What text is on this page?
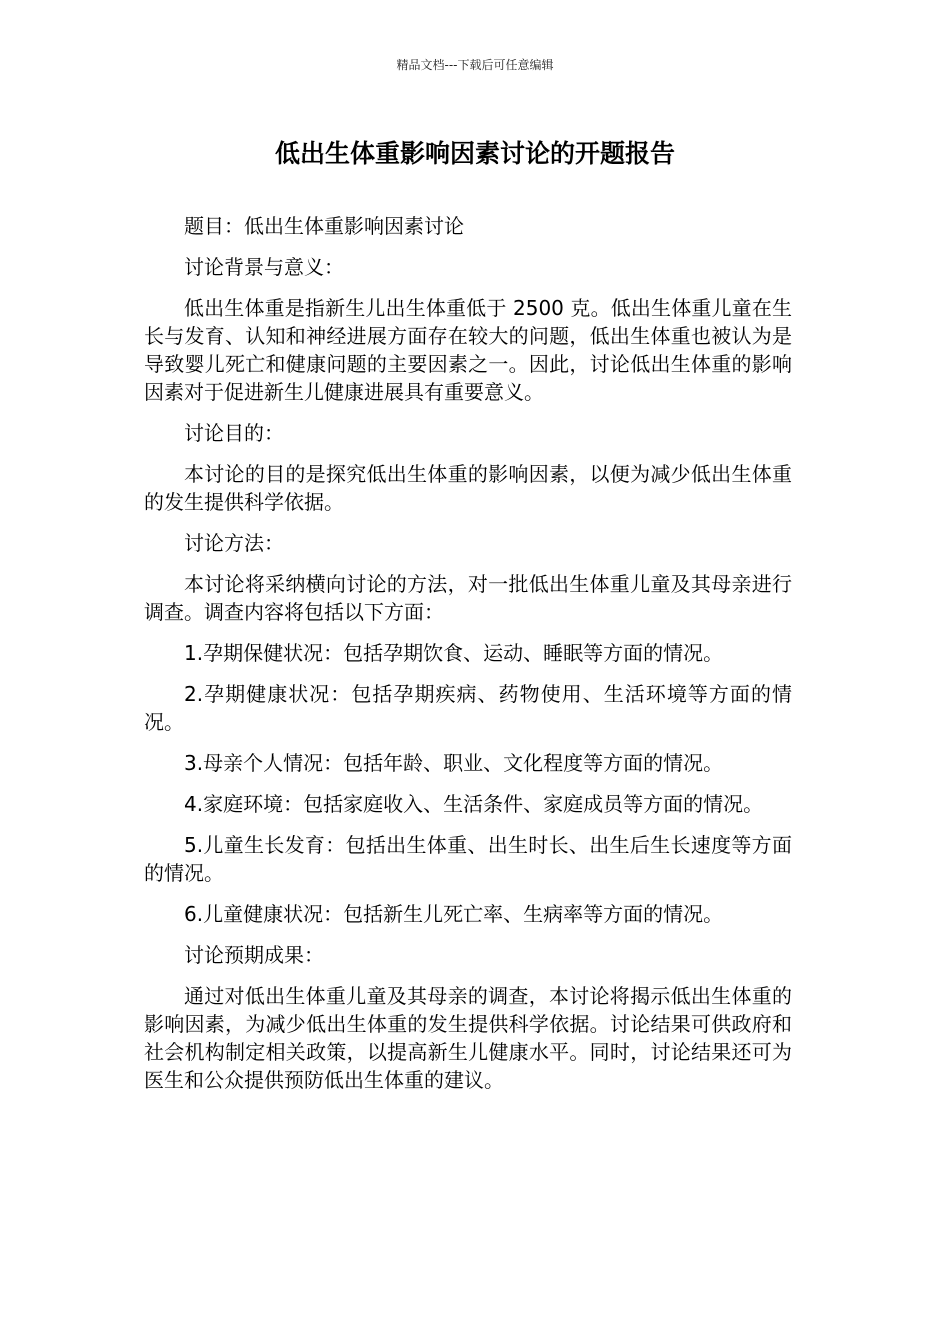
精品文档---下载后可任意编辑
低出生体重影响因素讨论的开题报告

题目：低出生体重影响因素讨论

讨论背景与意义：

低出生体重是指新生儿出生体重低于 2500 克。低出生体重儿童在生长与发育、认知和神经进展方面存在较大的问题，低出生体重也被认为是导致婴儿死亡和健康问题的主要因素之一。因此，讨论低出生体重的影响因素对于促进新生儿健康进展具有重要意义。

讨论目的：

本讨论的目的是探究低出生体重的影响因素，以便为减少低出生体重的发生提供科学依据。

讨论方法：

本讨论将采纳横向讨论的方法，对一批低出生体重儿童及其母亲进行调查。调查内容将包括以下方面：

1.孕期保健状况：包括孕期饮食、运动、睡眠等方面的情况。

2.孕期健康状况：包括孕期疾病、药物使用、生活环境等方面的情况。

3.母亲个人情况：包括年龄、职业、文化程度等方面的情况。

4.家庭环境：包括家庭收入、生活条件、家庭成员等方面的情况。

5.儿童生长发育：包括出生体重、出生时长、出生后生长速度等方面的情况。

6.儿童健康状况：包括新生儿死亡率、生病率等方面的情况。

讨论预期成果：

通过对低出生体重儿童及其母亲的调查，本讨论将揭示低出生体重的影响因素，为减少低出生体重的发生提供科学依据。讨论结果可供政府和社会机构制定相关政策，以提高新生儿健康水平。同时，讨论结果还可为医生和公众提供预防低出生体重的建议。
